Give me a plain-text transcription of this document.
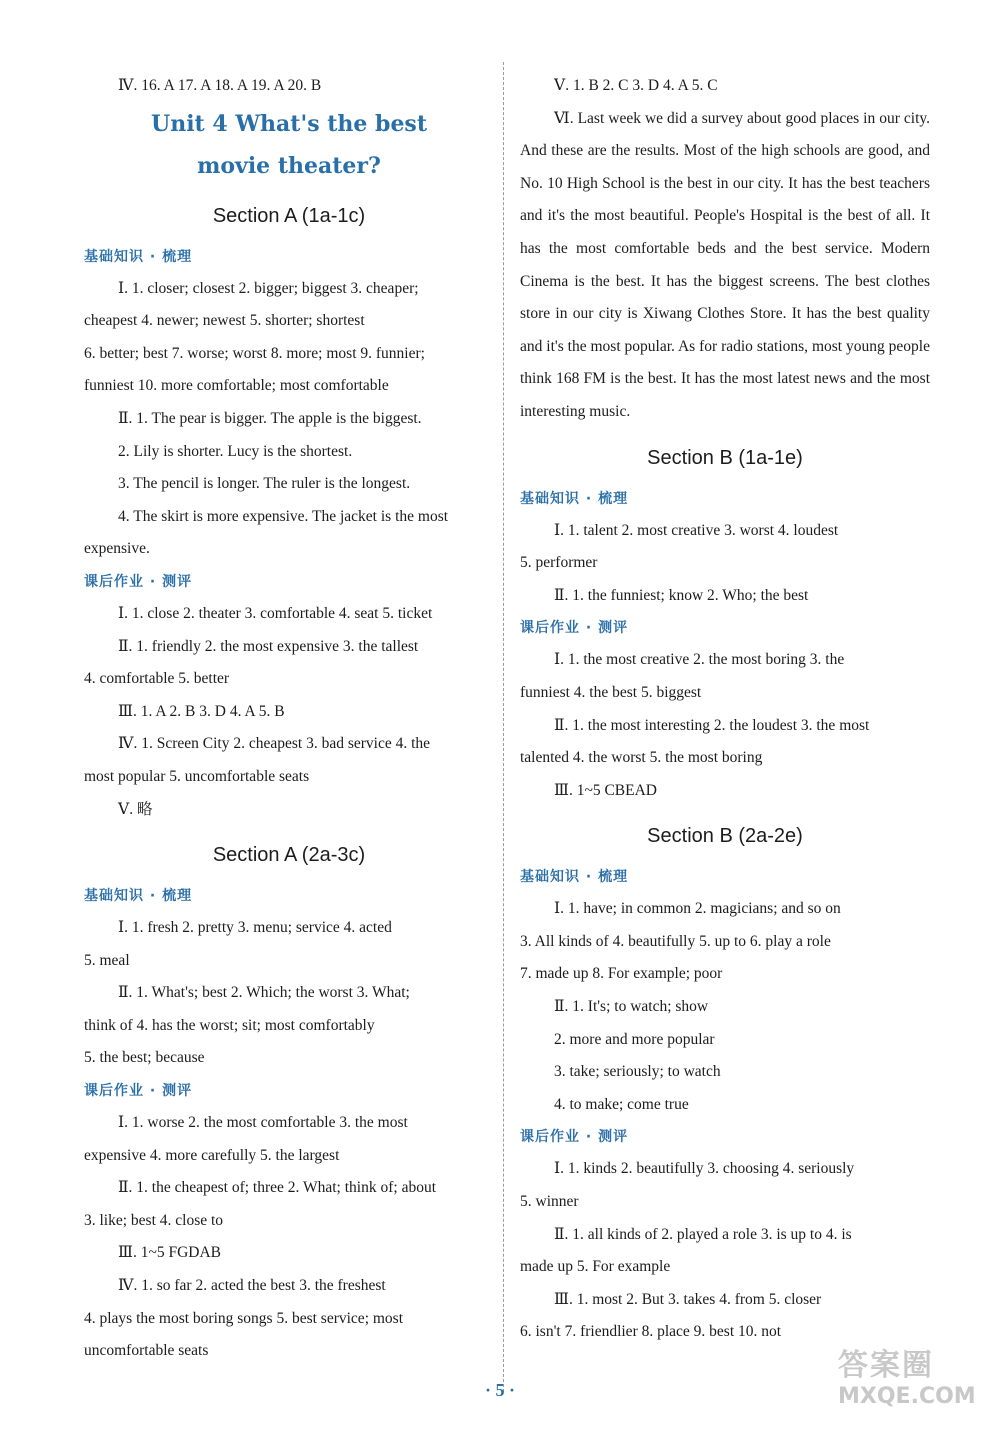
Ⅳ. 16. A 17. A 18. A 19. A 20. B
Unit 4 What's the best
movie theater?
Section A (1a-1c)
基础知识 · 梳理
Ⅰ. 1. closer; closest 2. bigger; biggest 3. cheaper;
cheapest 4. newer; newest 5. shorter; shortest
6. better; best 7. worse; worst 8. more; most 9. funnier;
funniest 10. more comfortable; most comfortable
Ⅱ. 1. The pear is bigger. The apple is the biggest.
2. Lily is shorter. Lucy is the shortest.
3. The pencil is longer. The ruler is the longest.
4. The skirt is more expensive. The jacket is the most
expensive.
课后作业 · 测评
Ⅰ. 1. close 2. theater 3. comfortable 4. seat 5. ticket
Ⅱ. 1. friendly 2. the most expensive 3. the tallest
4. comfortable 5. better
Ⅲ. 1. A 2. B 3. D 4. A 5. B
Ⅳ. 1. Screen City 2. cheapest 3. bad service 4. the
most popular 5. uncomfortable seats
Ⅴ. 略
Section A (2a-3c)
基础知识 · 梳理
Ⅰ. 1. fresh 2. pretty 3. menu; service 4. acted
5. meal
Ⅱ. 1. What's; best 2. Which; the worst 3. What;
think of 4. has the worst; sit; most comfortably
5. the best; because
课后作业 · 测评
Ⅰ. 1. worse 2. the most comfortable 3. the most
expensive 4. more carefully 5. the largest
Ⅱ. 1. the cheapest of; three 2. What; think of; about
3. like; best 4. close to
Ⅲ. 1~5 FGDAB
Ⅳ. 1. so far 2. acted the best 3. the freshest
4. plays the most boring songs 5. best service; most
uncomfortable seats
Ⅴ. 1. B 2. C 3. D 4. A 5. C
Ⅵ. Last week we did a survey about good places in our city. And these are the results. Most of the high schools are good, and No. 10 High School is the best in our city. It has the best teachers and it's the most beautiful. People's Hospital is the best of all. It has the most comfortable beds and the best service. Modern Cinema is the best. It has the biggest screens. The best clothes store in our city is Xiwang Clothes Store. It has the best quality and it's the most popular. As for radio stations, most young people think 168 FM is the best. It has the most latest news and the most interesting music.
Section B (1a-1e)
基础知识 · 梳理
Ⅰ. 1. talent 2. most creative 3. worst 4. loudest
5. performer
Ⅱ. 1. the funniest; know 2. Who; the best
课后作业 · 测评
Ⅰ. 1. the most creative 2. the most boring 3. the
funniest 4. the best 5. biggest
Ⅱ. 1. the most interesting 2. the loudest 3. the most
talented 4. the worst 5. the most boring
Ⅲ. 1~5 CBEAD
Section B (2a-2e)
基础知识 · 梳理
Ⅰ. 1. have; in common 2. magicians; and so on
3. All kinds of 4. beautifully 5. up to 6. play a role
7. made up 8. For example; poor
Ⅱ. 1. It's; to watch; show
2. more and more popular
3. take; seriously; to watch
4. to make; come true
课后作业 · 测评
Ⅰ. 1. kinds 2. beautifully 3. choosing 4. seriously
5. winner
Ⅱ. 1. all kinds of 2. played a role 3. is up to 4. is
made up 5. For example
Ⅲ. 1. most 2. But 3. takes 4. from 5. closer
6. isn't 7. friendlier 8. place 9. best 10. not
· 5 ·
答案圈
MXQE.COM
